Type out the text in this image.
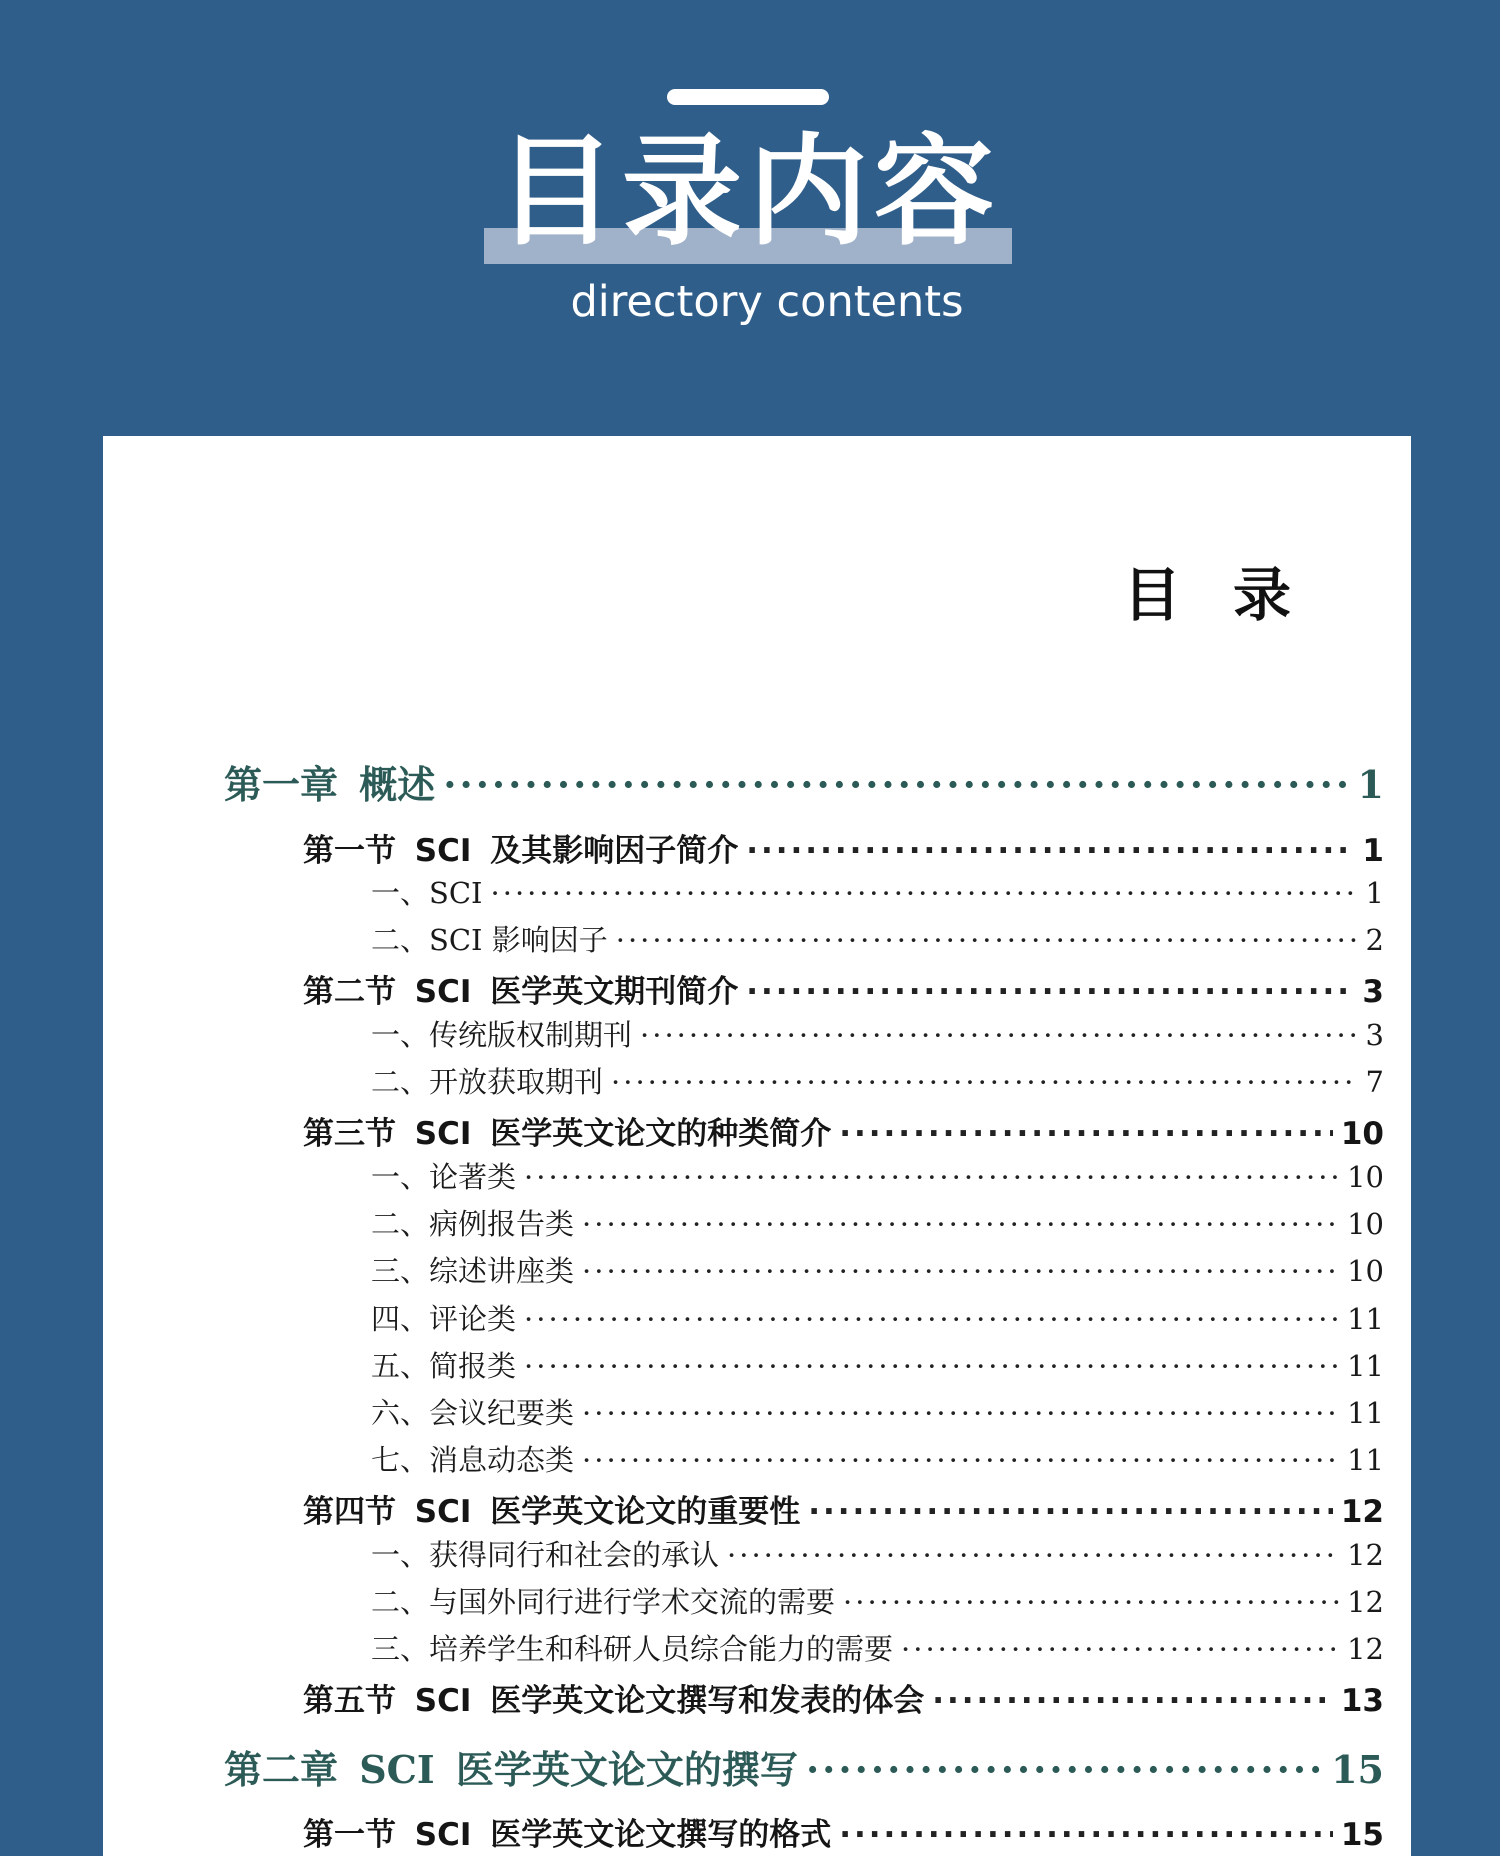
目录内容
directory contents
目录
第一章 概述 ·····	1
第一节 SCI 及其影响因子简介 ·····	1
一、SCI ·····	1
二、SCI 影响因子 ·····	2
第二节 SCI 医学英文期刊简介 ·····	3
一、传统版权制期刊 ·····	3
二、开放获取期刊 ·····	7
第三节 SCI 医学英文论文的种类简介 ·····	10
一、论著类 ·····	10
二、病例报告类 ·····	10
三、综述讲座类 ·····	10
四、评论类 ·····	11
五、简报类 ·····	11
六、会议纪要类 ·····	11
七、消息动态类 ·····	11
第四节 SCI 医学英文论文的重要性 ·····	12
一、获得同行和社会的承认 ·····	12
二、与国外同行进行学术交流的需要 ·····	12
三、培养学生和科研人员综合能力的需要 ·····	12
第五节 SCI 医学英文论文撰写和发表的体会 ·····	13
第二章 SCI 医学英文论文的撰写 ·····	15
第一节 SCI 医学英文论文撰写的格式 ·····	15
